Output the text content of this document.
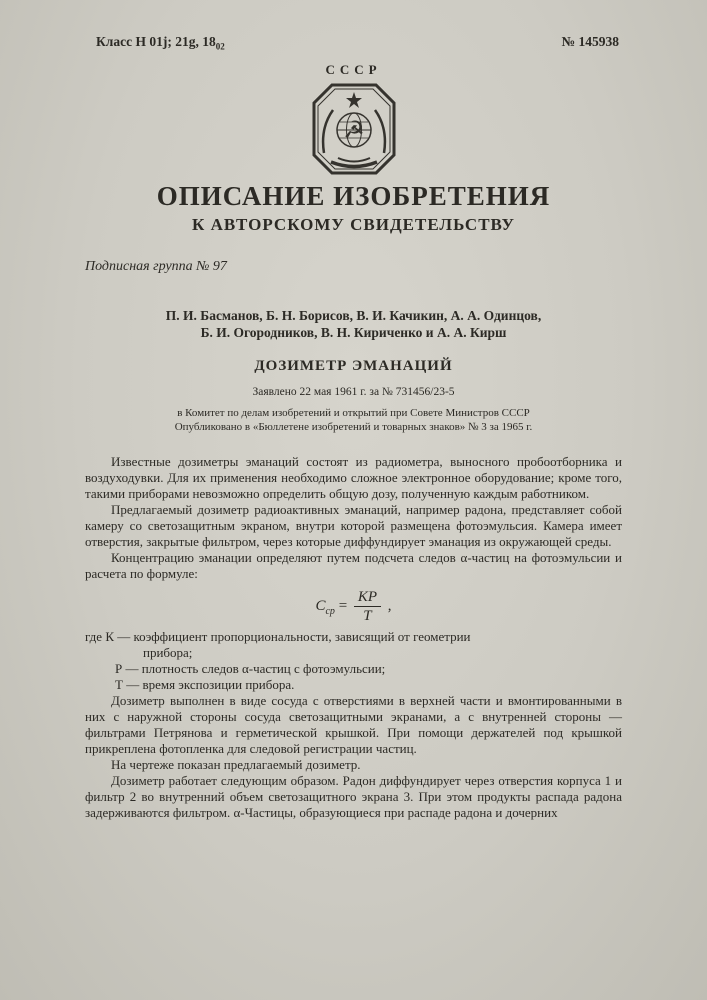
Класс Н 01j; 21g, $18_{02}$	№ 145938
СССР
☭
ОПИСАНИЕ ИЗОБРЕТЕНИЯ
К АВТОРСКОМУ СВИДЕТЕЛЬСТВУ
Подписная группа № 97
П. И. Басманов, Б. Н. Борисов, В. И. Качикин, А. А. Одинцов,
Б. И. Огородников, В. Н. Кириченко и А. А. Кирш
ДОЗИМЕТР ЭМАНАЦИЙ
Заявлено 22 мая 1961 г. за № 731456/23-5
в Комитет по делам изобретений и открытий при Совете Министров СССР
Опубликовано в «Бюллетене изобретений и товарных знаков» № 3 за 1965 г.

Известные дозиметры эманаций состоят из радиометра, выносного пробоотборника и воздуходувки. Для их применения необходимо сложное электронное оборудование; кроме того, такими приборами невозможно определить общую дозу, полученную каждым работником.

Предлагаемый дозиметр радиоактивных эманаций, например радона, представляет собой камеру со светозащитным экраном, внутри которой размещена фотоэмульсия. Камера имеет отверстия, закрытые фильтром, через которые диффундирует эманация из окружающей среды.

Концентрацию эманации определяют путем подсчета следов α-частиц на фотоэмульсии и расчета по формуле:

$С_{ср} = \frac{КР}{Т}$ ,
где К — коэффициент пропорциональности, зависящий от геометрии
прибора;
Р — плотность следов α-частиц с фотоэмульсии;
Т — время экспозиции прибора.

Дозиметр выполнен в виде сосуда с отверстиями в верхней части и вмонтированными в них с наружной стороны сосуда светозащитными экранами, а с внутренней стороны — фильтрами Петрянова и герметической крышкой. При помощи держателей под крышкой прикреплена фотопленка для следовой регистрации частиц.

На чертеже показан предлагаемый дозиметр.

Дозиметр работает следующим образом. Радон диффундирует через отверстия корпуса 1 и фильтр 2 во внутренний объем светозащитного экрана 3. При этом продукты распада радона задерживаются фильтром. α-Частицы, образующиеся при распаде радона и дочерних
